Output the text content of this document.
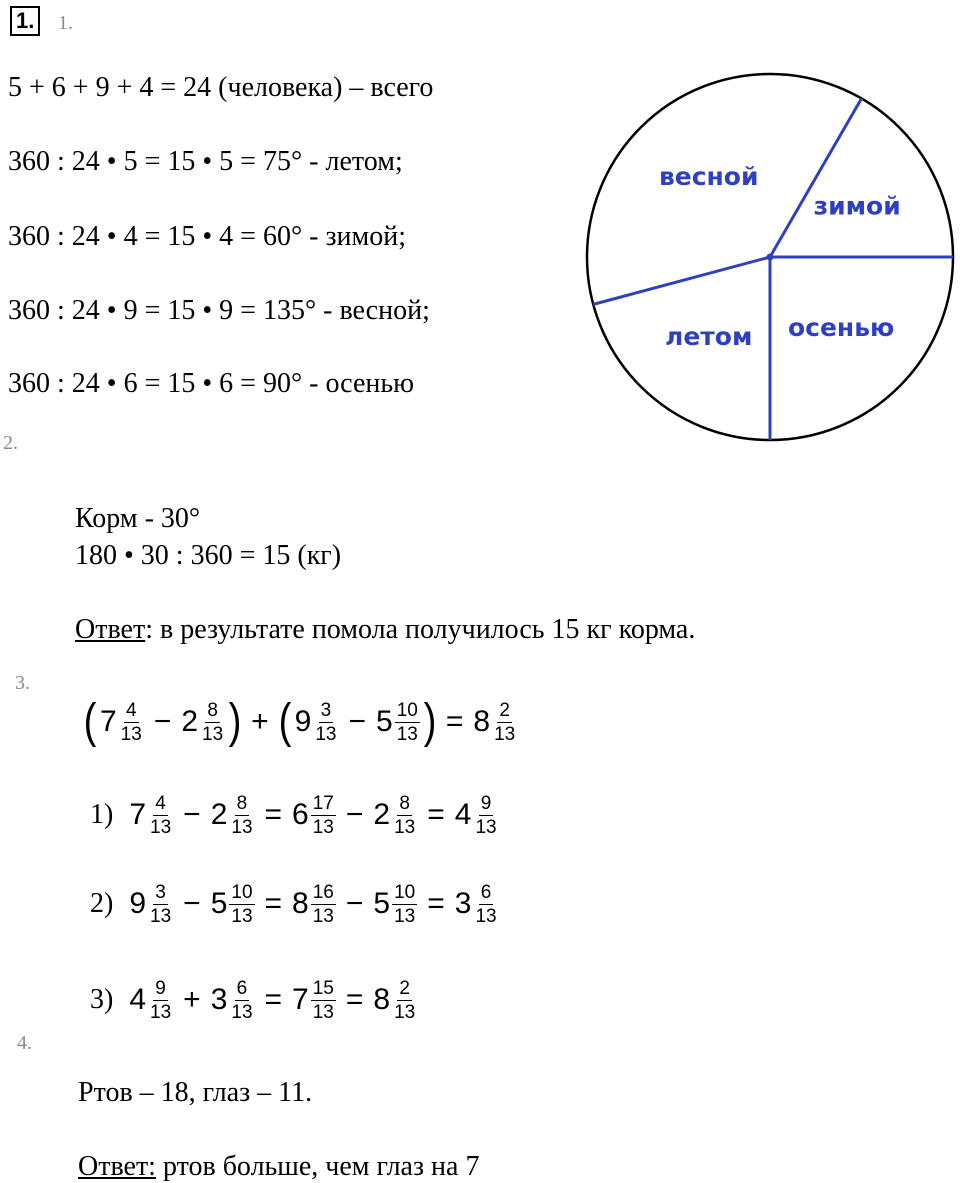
1.	1.
5 + 6 + 9 + 4 = 24 (человека) – всего
360 : 24 • 5 = 15 • 5 = 75° - летом;
360 : 24 • 4 = 15 • 4 = 60° - зимой;
360 : 24 • 9 = 15 • 9 = 135° - весной;
360 : 24 • 6 = 15 • 6 = 90° - осенью
осенью
летом
весной
зимой
2.
Корм - 30°
180 • 30 : 360 = 15 (кг)
Ответ: в результате помола получилось 15 кг корма.
3.
( $7 \frac{4}{13} - 2 \frac{8}{13}$ ) + ( $9 \frac{3}{13} - 5 \frac{10}{13}$ ) = $8 \frac{2}{13}$
1) $7 \frac{4}{13} - 2 \frac{8}{13} = 6 \frac{17}{13} - 2 \frac{8}{13} = 4 \frac{9}{13}$
2) $9 \frac{3}{13} - 5 \frac{10}{13} = 8 \frac{16}{13} - 5 \frac{10}{13} = 3 \frac{6}{13}$
3) $4 \frac{9}{13} + 3 \frac{6}{13} = 7 \frac{15}{13} = 8 \frac{2}{13}$
4.
Ртов – 18, глаз – 11.
Ответ: ртов больше, чем глаз на 7
